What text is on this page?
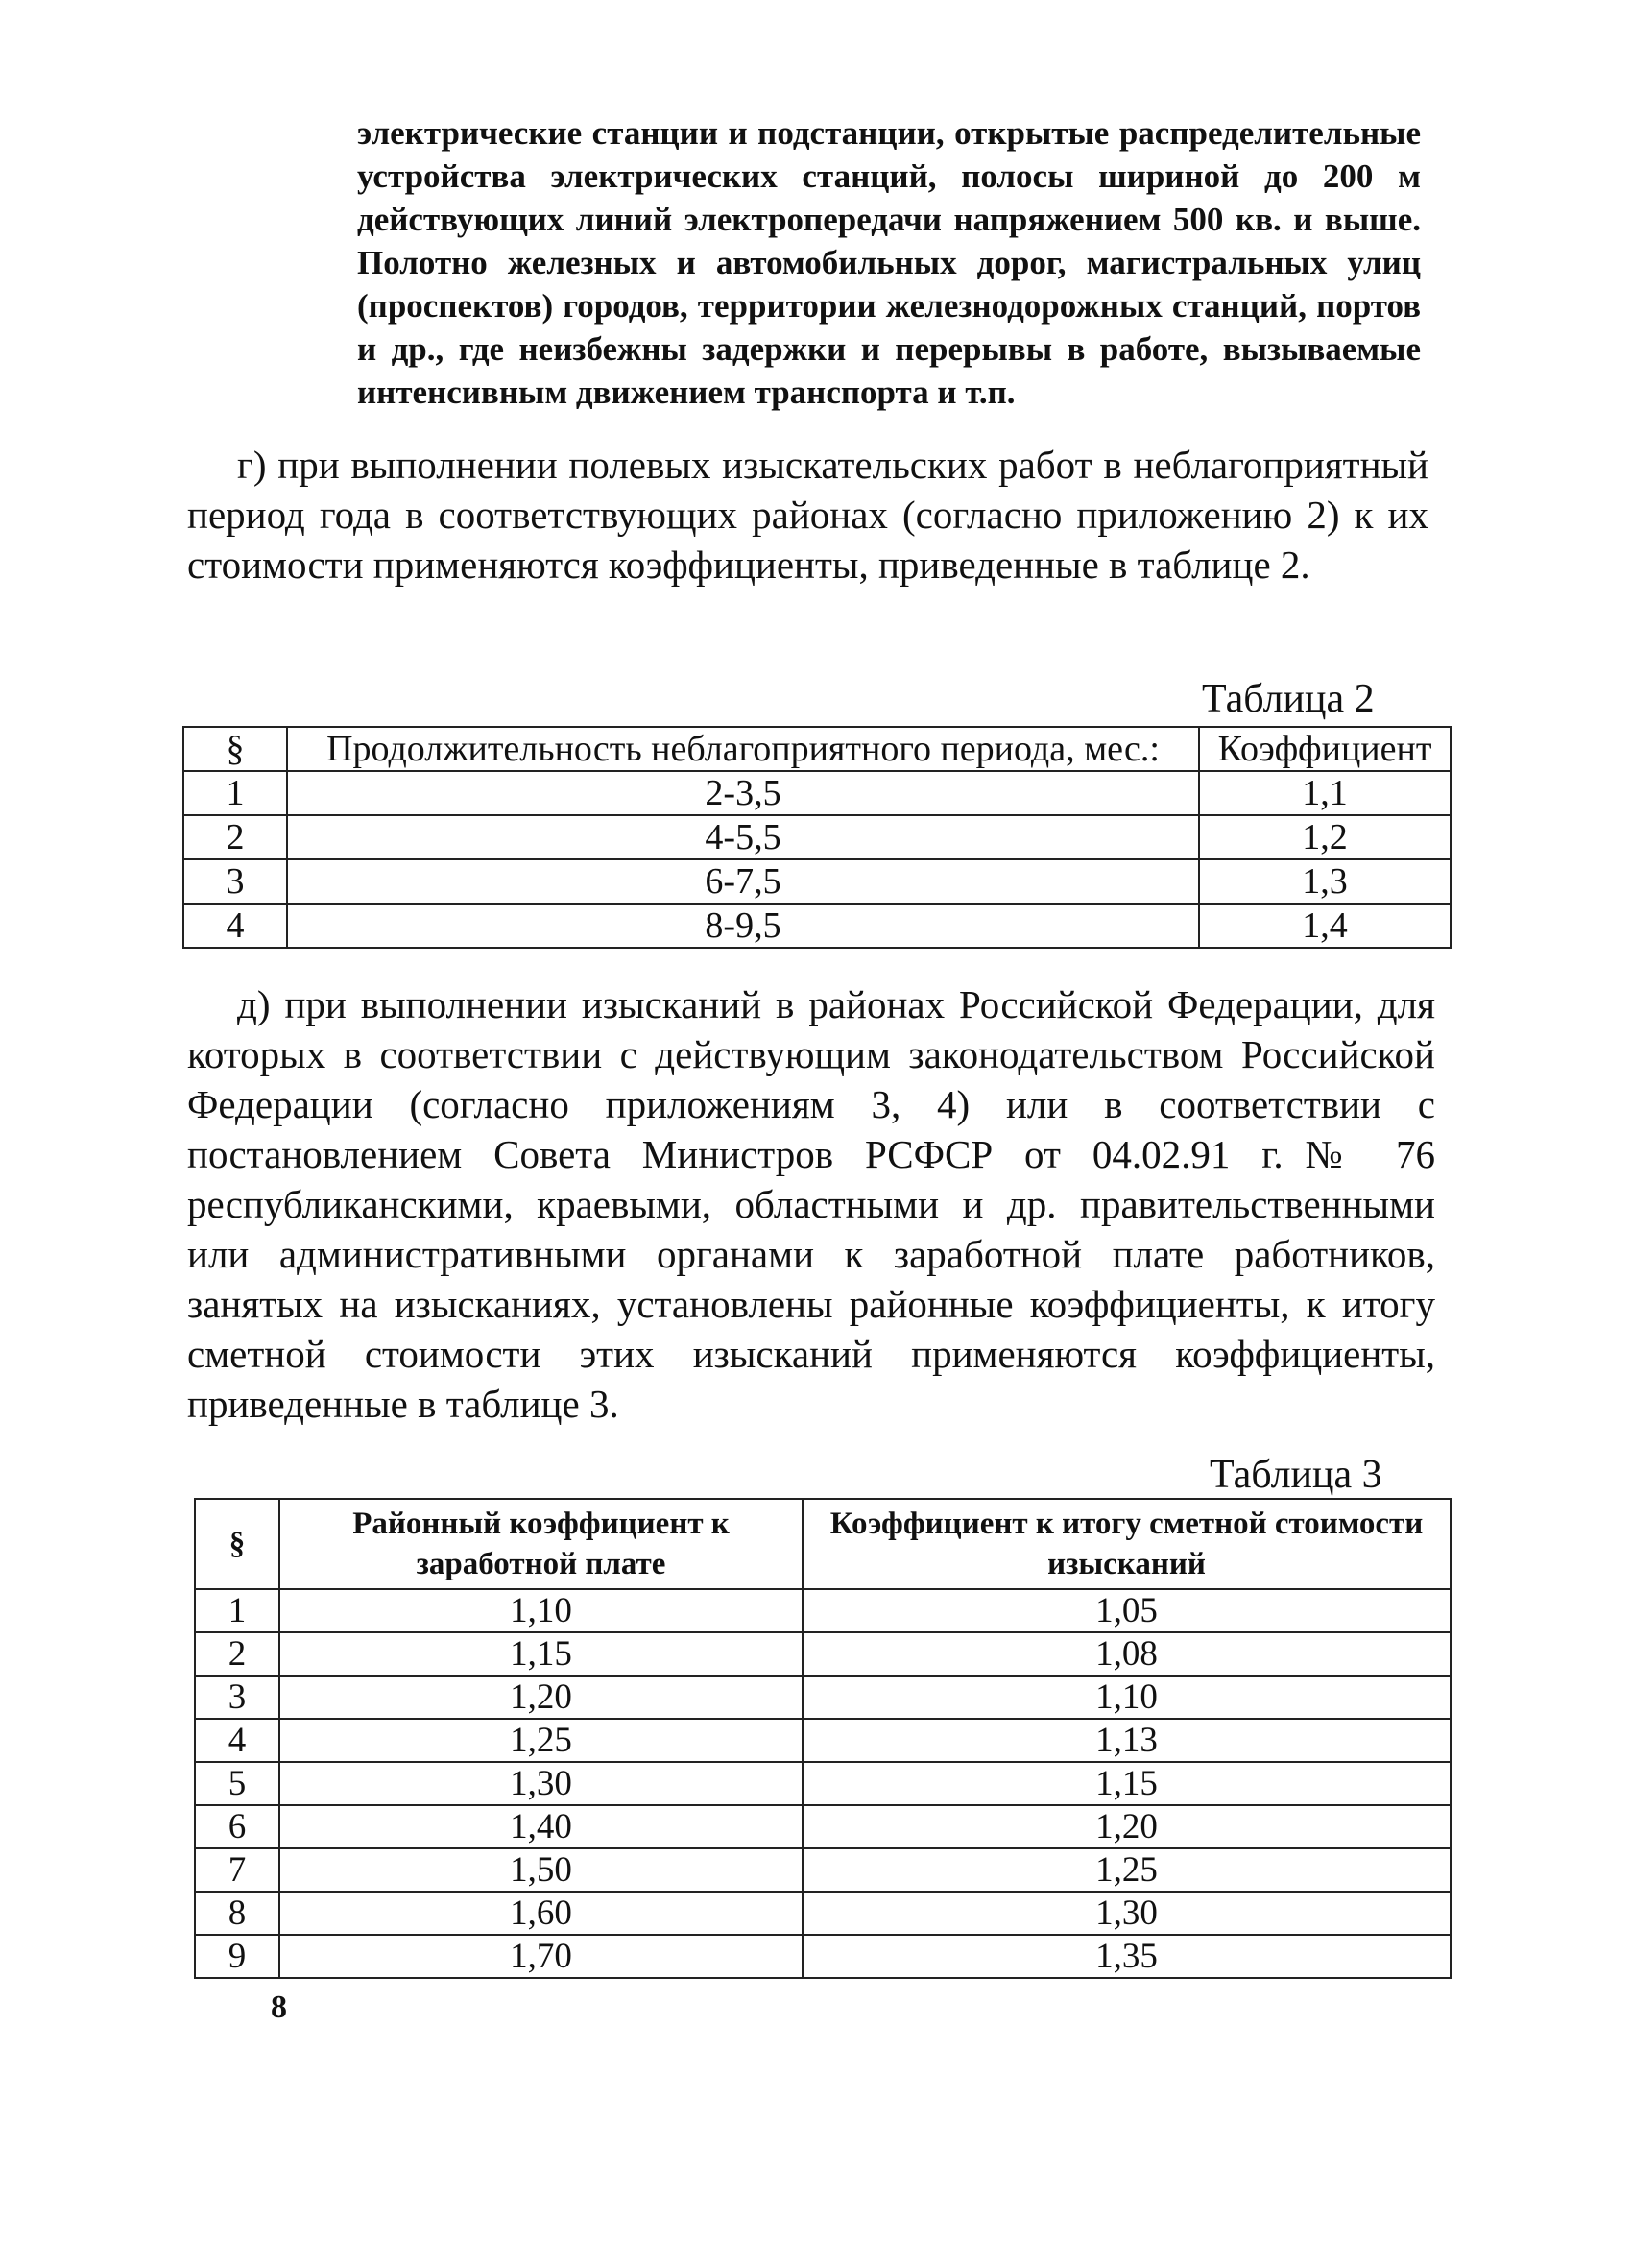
электрические станции и подстанции, открытые распределительные устройства электрических станций, полосы шириной до 200 м действующих линий электропередачи напряжением 500 кв. и выше. Полотно железных и автомобильных дорог, магистральных улиц (проспектов) городов, территории железнодорожных станций, портов и др., где неизбежны задержки и перерывы в работе, вызываемые интенсивным движением транспорта и т.п.

г) при выполнении полевых изыскательских работ в неблагоприятный период года в соответствующих районах (согласно приложению 2) к их стоимости применяются коэффициенты, приведенные в таблице 2.

Таблица 2
§	Продолжительность неблагоприятного периода, мес.:	Коэффициент
1	2-3,5	1,1
2	4-5,5	1,2
3	6-7,5	1,3
4	8-9,5	1,4

д) при выполнении изысканий в районах Российской Федерации, для которых в соответствии с действующим законодательством Российской Федерации (согласно приложениям 3, 4) или в соответствии с постановлением Совета Министров РСФСР от 04.02.91 г.№ 76 республиканскими, краевыми, областными и др. правительственными или административными органами к заработной плате работников, занятых на изысканиях, установлены районные коэффициенты, к итогу сметной стоимости этих изысканий применяются коэффициенты, приведенные в таблице 3.

Таблица 3
§	Районный коэффициент к заработной плате	Коэффициент к итогу сметной стоимости изысканий
1	1,10	1,05
2	1,15	1,08
3	1,20	1,10
4	1,25	1,13
5	1,30	1,15
6	1,40	1,20
7	1,50	1,25
8	1,60	1,30
9	1,70	1,35
8
